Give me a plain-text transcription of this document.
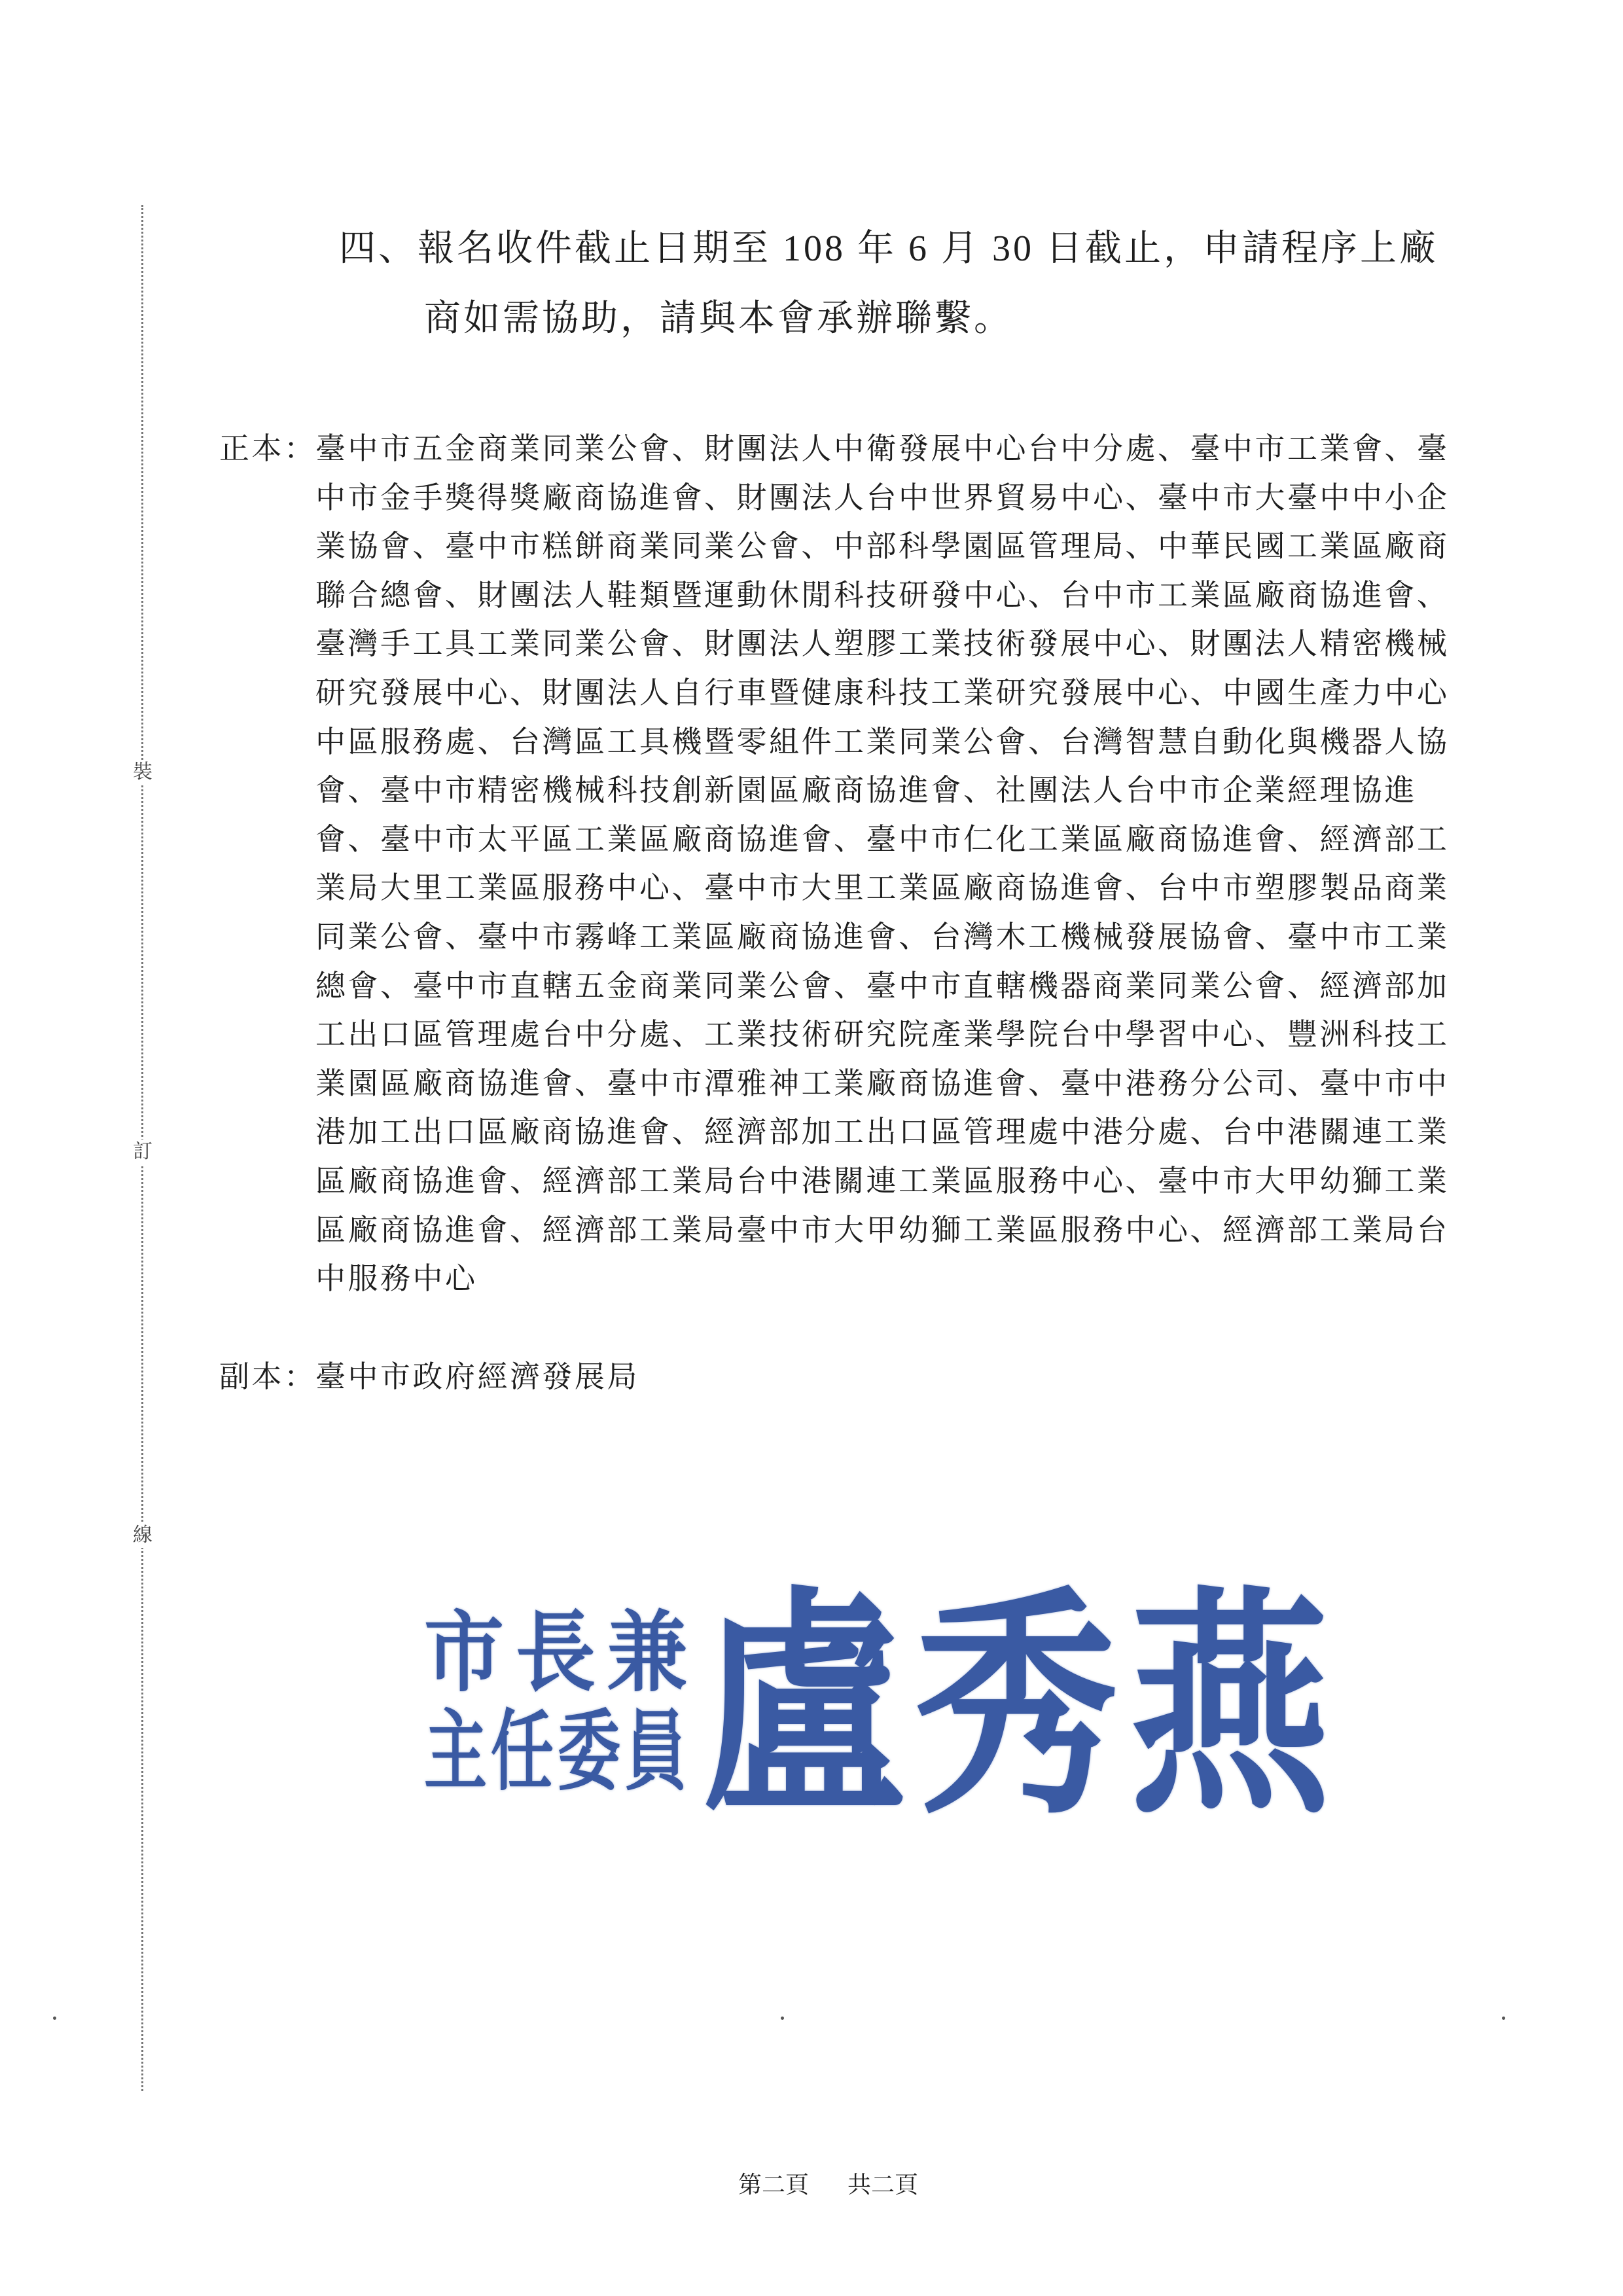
裝
訂
線
四、報名收件截止日期至 108 年 6 月 30 日截止，申請程序上廠
商如需協助，請與本會承辦聯繫。
正本：
臺中市五金商業同業公會、財團法人中衛發展中心台中分處、臺中市工業會、臺
中市金手獎得獎廠商協進會、財團法人台中世界貿易中心、臺中市大臺中中小企
業協會、臺中市糕餅商業同業公會、中部科學園區管理局、中華民國工業區廠商
聯合總會、財團法人鞋類暨運動休閒科技研發中心、台中市工業區廠商協進會、
臺灣手工具工業同業公會、財團法人塑膠工業技術發展中心、財團法人精密機械
研究發展中心、財團法人自行車暨健康科技工業研究發展中心、中國生產力中心
中區服務處、台灣區工具機暨零組件工業同業公會、台灣智慧自動化與機器人協
會、臺中市精密機械科技創新園區廠商協進會、社團法人台中市企業經理協進
會、臺中市太平區工業區廠商協進會、臺中市仁化工業區廠商協進會、經濟部工
業局大里工業區服務中心、臺中市大里工業區廠商協進會、台中市塑膠製品商業
同業公會、臺中市霧峰工業區廠商協進會、台灣木工機械發展協會、臺中市工業
總會、臺中市直轄五金商業同業公會、臺中市直轄機器商業同業公會、經濟部加
工出口區管理處台中分處、工業技術研究院產業學院台中學習中心、豐洲科技工
業園區廠商協進會、臺中市潭雅神工業廠商協進會、臺中港務分公司、臺中市中
港加工出口區廠商協進會、經濟部加工出口區管理處中港分處、台中港關連工業
區廠商協進會、經濟部工業局台中港關連工業區服務中心、臺中市大甲幼獅工業
區廠商協進會、經濟部工業局臺中市大甲幼獅工業區服務中心、經濟部工業局台
中服務中心
副本：
臺中市政府經濟發展局
市長兼
主任委員 盧秀燕
第二頁 共二頁
